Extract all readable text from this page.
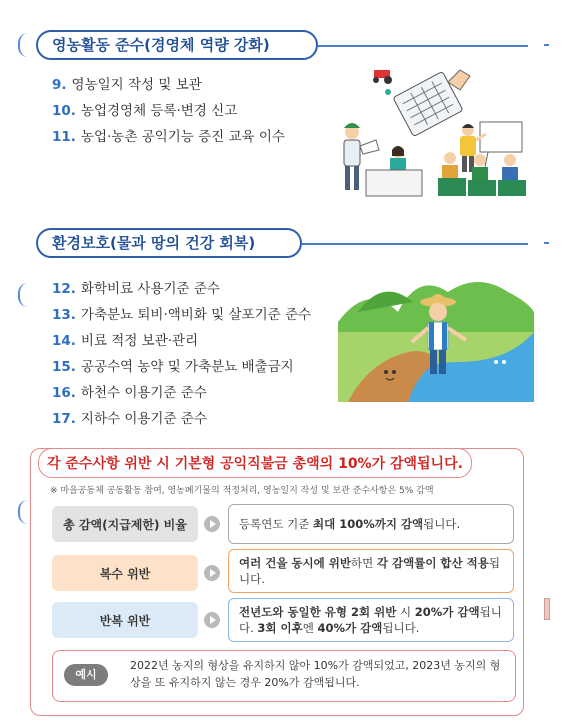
영농활동 준수(경영체 역량 강화)
9. 영농일지 작성 및 보관
10. 농업경영체 등록·변경 신고
11. 농업·농촌 공익기능 증진 교육 이수
환경보호(물과 땅의 건강 회복)
12. 화학비료 사용기준 준수
13. 가축분뇨 퇴비·액비화 및 살포기준 준수
14. 비료 적정 보관·관리
15. 공공수역 농약 및 가축분뇨 배출금지
16. 하천수 이용기준 준수
17. 지하수 이용기준 준수
각 준수사항 위반 시 기본형 공익직불금 총액의 10%가 감액됩니다.
※ 마을공동체 공동활동 참여, 영농폐기물의 적정처리, 영농일지 작성 및 보관 준수사항은 5% 감액
총 감액(지급제한) 비율	등록연도 기준 최대 100%까지 감액됩니다.
복수 위반
여러 건을 동시에 위반하면 각 감액률이 합산 적용됩니다.
반복 위반
전년도와 동일한 유형 2회 위반 시 20%가 감액됩니다. 3회 이후엔 40%가 감액됩니다.
예시
2022년 농지의 형상을 유지하지 않아 10%가 감액되었고, 2023년 농지의 형상을 또 유지하지 않는 경우 20%가 감액됩니다.
